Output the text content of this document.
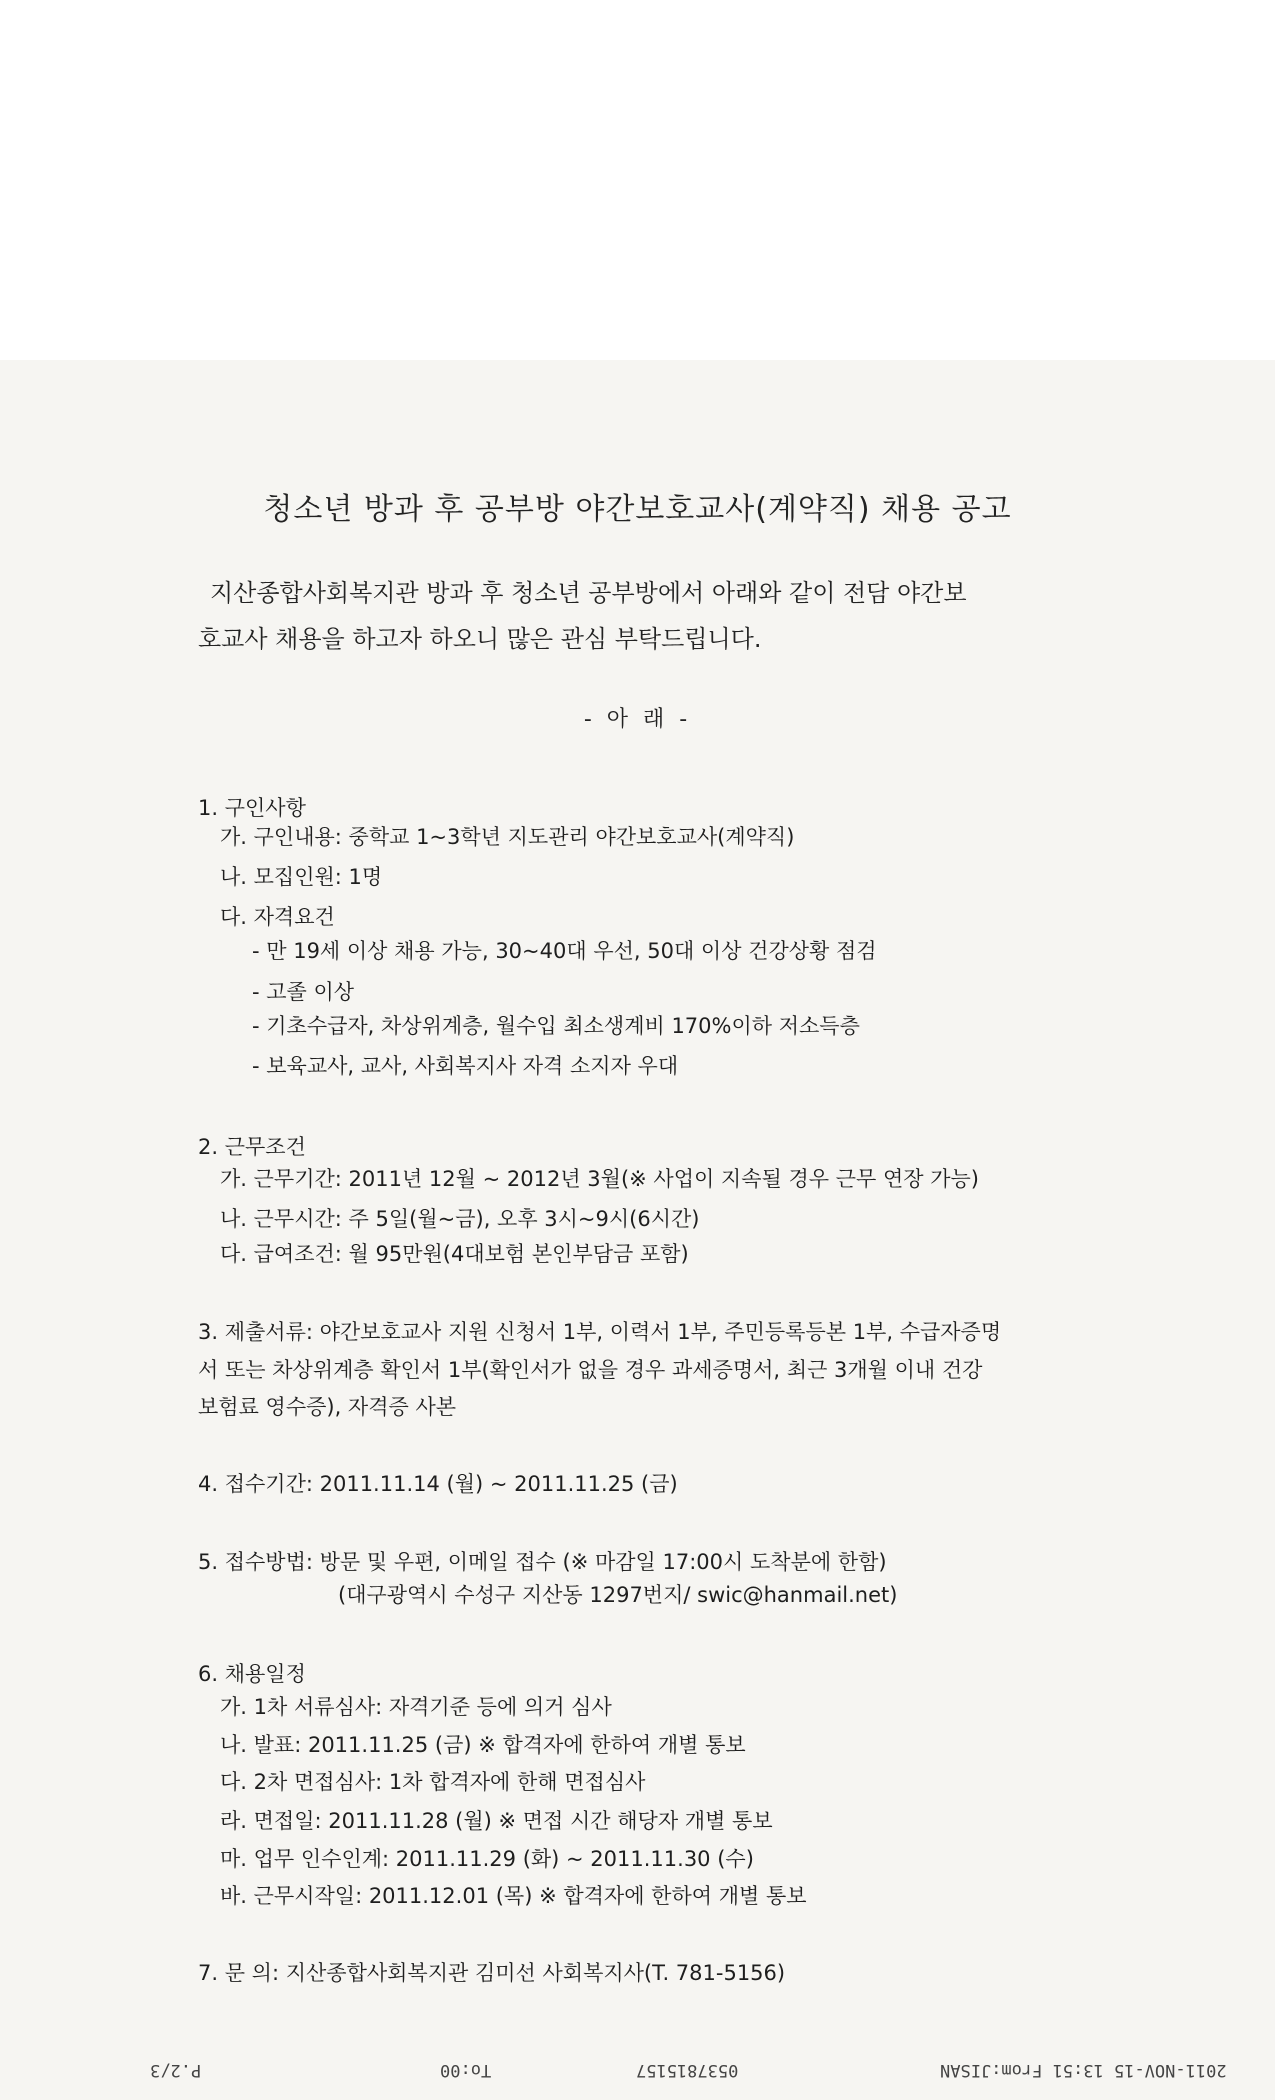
청소년 방과 후 공부방 야간보호교사(계약직) 채용 공고
지산종합사회복지관 방과 후 청소년 공부방에서 아래와 같이 전담 야간보
호교사 채용을 하고자 하오니 많은 관심 부탁드립니다.
- 아 래 -
1. 구인사항
가. 구인내용: 중학교 1~3학년 지도관리 야간보호교사(계약직)
나. 모집인원: 1명
다. 자격요건
- 만 19세 이상 채용 가능, 30~40대 우선, 50대 이상 건강상황 점검
- 고졸 이상
- 기초수급자, 차상위계층, 월수입 최소생계비 170%이하 저소득층
- 보육교사, 교사, 사회복지사 자격 소지자 우대
2. 근무조건
가. 근무기간: 2011년 12월 ~ 2012년 3월(※ 사업이 지속될 경우 근무 연장 가능)
나. 근무시간: 주 5일(월~금), 오후 3시~9시(6시간)
다. 급여조건: 월 95만원(4대보험 본인부담금 포함)
3. 제출서류: 야간보호교사 지원 신청서 1부, 이력서 1부, 주민등록등본 1부, 수급자증명
서 또는 차상위계층 확인서 1부(확인서가 없을 경우 과세증명서, 최근 3개월 이내 건강
보험료 영수증), 자격증 사본
4. 접수기간: 2011.11.14 (월) ~ 2011.11.25 (금)
5. 접수방법: 방문 및 우편, 이메일 접수 (※ 마감일 17:00시 도착분에 한함)
(대구광역시 수성구 지산동 1297번지/ swic@hanmail.net)
6. 채용일정
가. 1차 서류심사: 자격기준 등에 의거 심사
나. 발표: 2011.11.25 (금) ※ 합격자에 한하여 개별 통보
다. 2차 면접심사: 1차 합격자에 한해 면접심사
라. 면접일: 2011.11.28 (월) ※ 면접 시간 해당자 개별 통보
마. 업무 인수인계: 2011.11.29 (화) ~ 2011.11.30 (수)
바. 근무시작일: 2011.12.01 (목) ※ 합격자에 한하여 개별 통보
7. 문 의: 지산종합사회복지관 김미선 사회복지사(T. 781-5156)
2011-NOV-15 13:51 From:JISAN
0537815157
To:00
P.2/3
